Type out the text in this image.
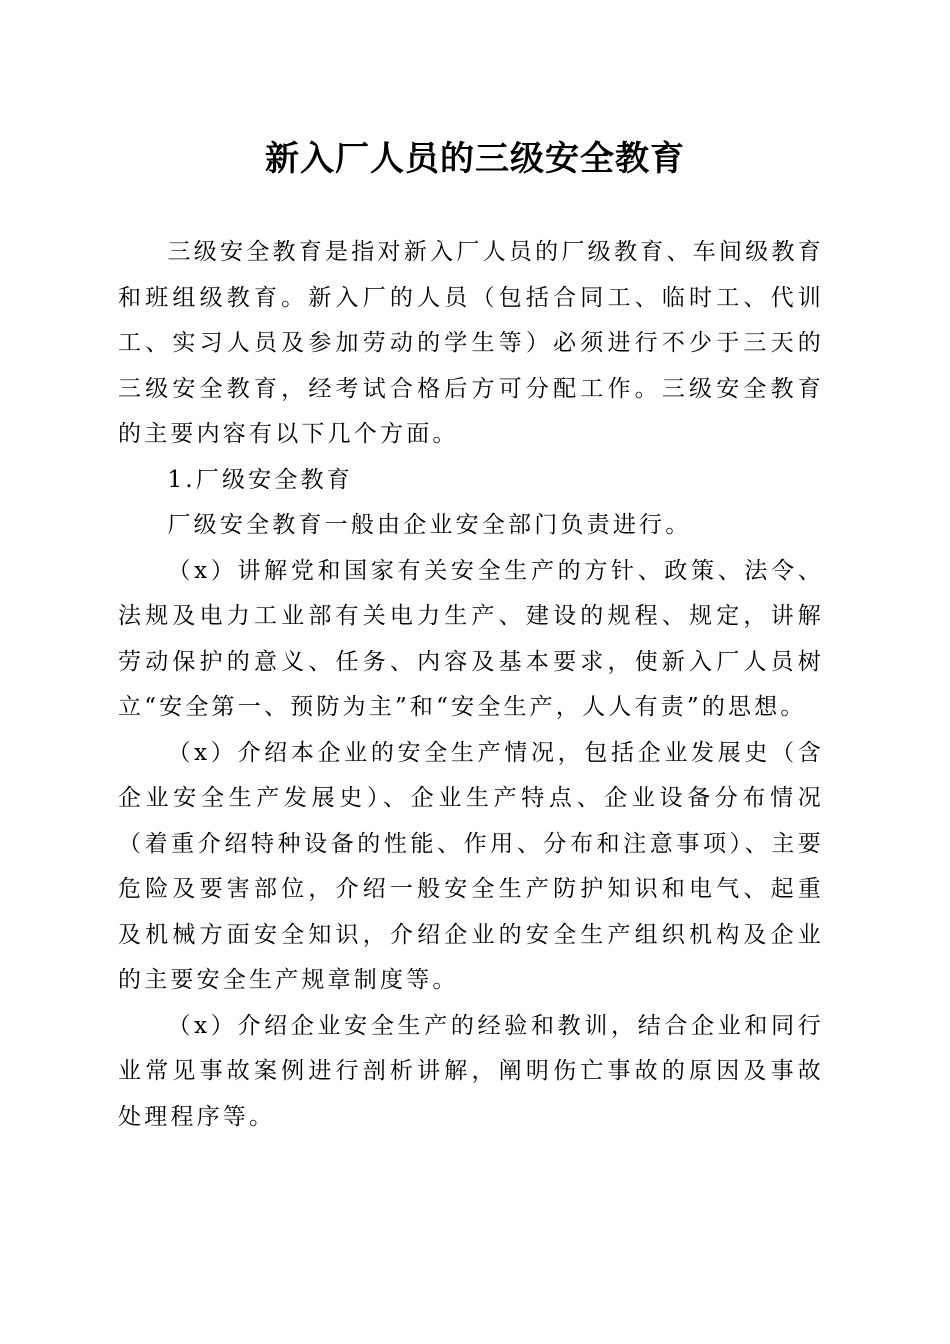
新入厂人员的三级安全教育

三级安全教育是指对新入厂人员的厂级教育、车间级教育和班组级教育。新入厂的人员（包括合同工、临时工、代训工、实习人员及参加劳动的学生等）必须进行不少于三天的三级安全教育，经考试合格后方可分配工作。三级安全教育的主要内容有以下几个方面。

1.厂级安全教育

厂级安全教育一般由企业安全部门负责进行。

（x）讲解党和国家有关安全生产的方针、政策、法令、法规及电力工业部有关电力生产、建设的规程、规定，讲解劳动保护的意义、任务、内容及基本要求，使新入厂人员树立“安全第一、预防为主”和“安全生产，人人有责”的思想。

（x）介绍本企业的安全生产情况，包括企业发展史（含企业安全生产发展史）、企业生产特点、企业设备分布情况（着重介绍特种设备的性能、作用、分布和注意事项）、主要危险及要害部位，介绍一般安全生产防护知识和电气、起重及机械方面安全知识，介绍企业的安全生产组织机构及企业的主要安全生产规章制度等。

（x）介绍企业安全生产的经验和教训，结合企业和同行业常见事故案例进行剖析讲解，阐明伤亡事故的原因及事故处理程序等。
